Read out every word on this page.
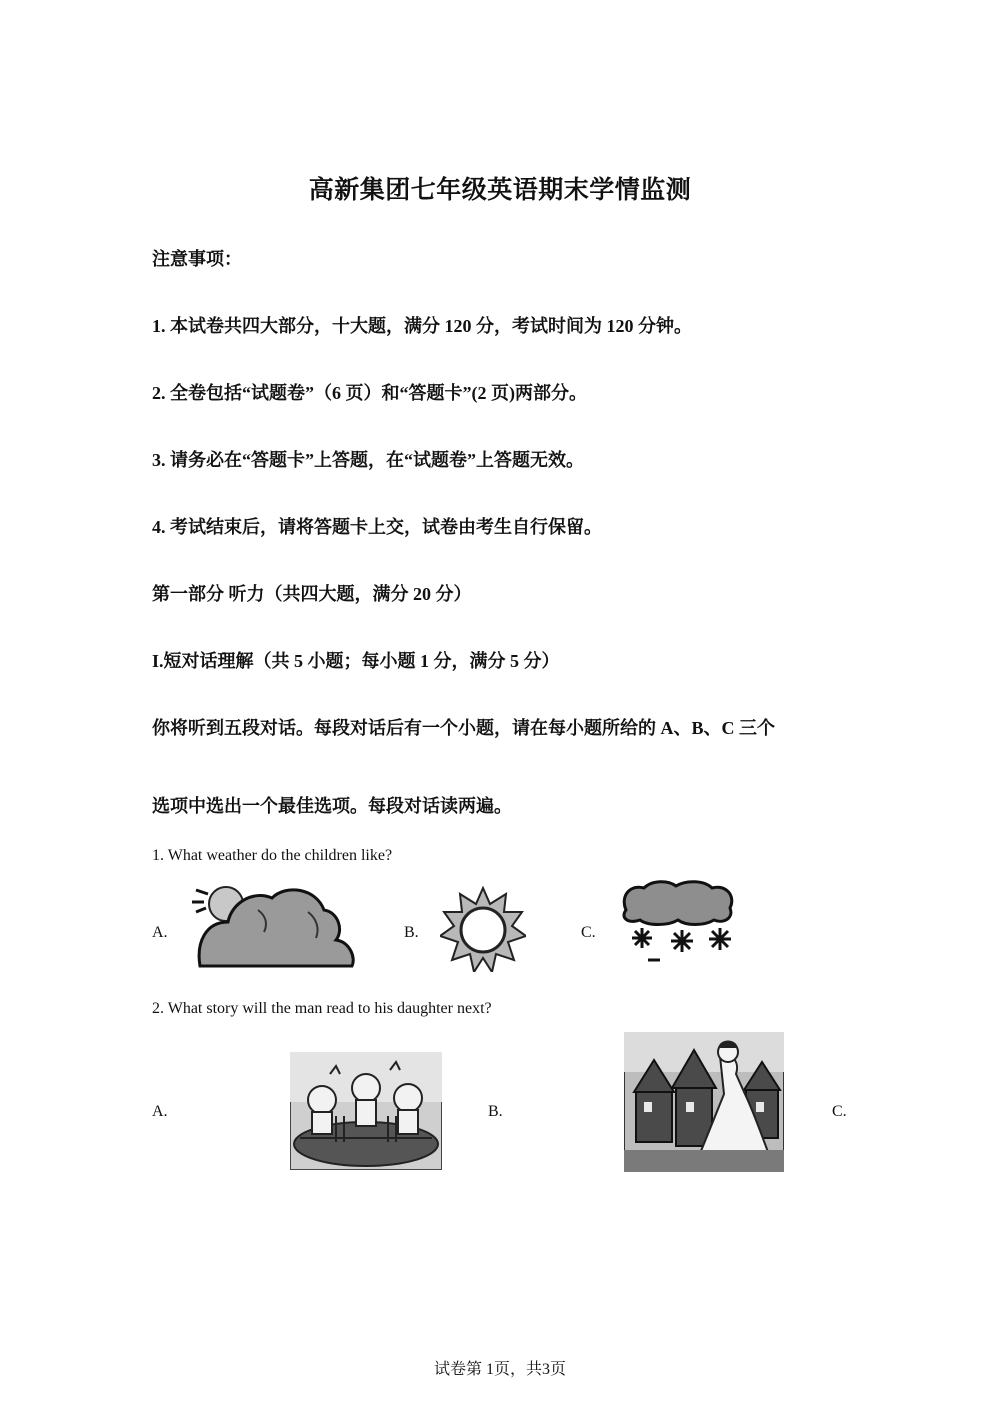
高新集团七年级英语期末学情监测
注意事项：
1. 本试卷共四大部分，十大题，满分 120 分，考试时间为 120 分钟。
2. 全卷包括“试题卷”（6 页）和“答题卡”(2 页)两部分。
3. 请务必在“答题卡”上答题，在“试题卷”上答题无效。
4. 考试结束后，请将答题卡上交，试卷由考生自行保留。
第一部分 听力（共四大题，满分 20 分）
I.短对话理解（共 5 小题；每小题 1 分，满分 5 分）
你将听到五段对话。每段对话后有一个小题，请在每小题所给的 A、B、C 三个
选项中选出一个最佳选项。每段对话读两遍。
1. What weather do the children like?
A.	B.	C.
2. What story will the man read to his daughter next?
A.	B.	C.
试卷第 1页，共3页
